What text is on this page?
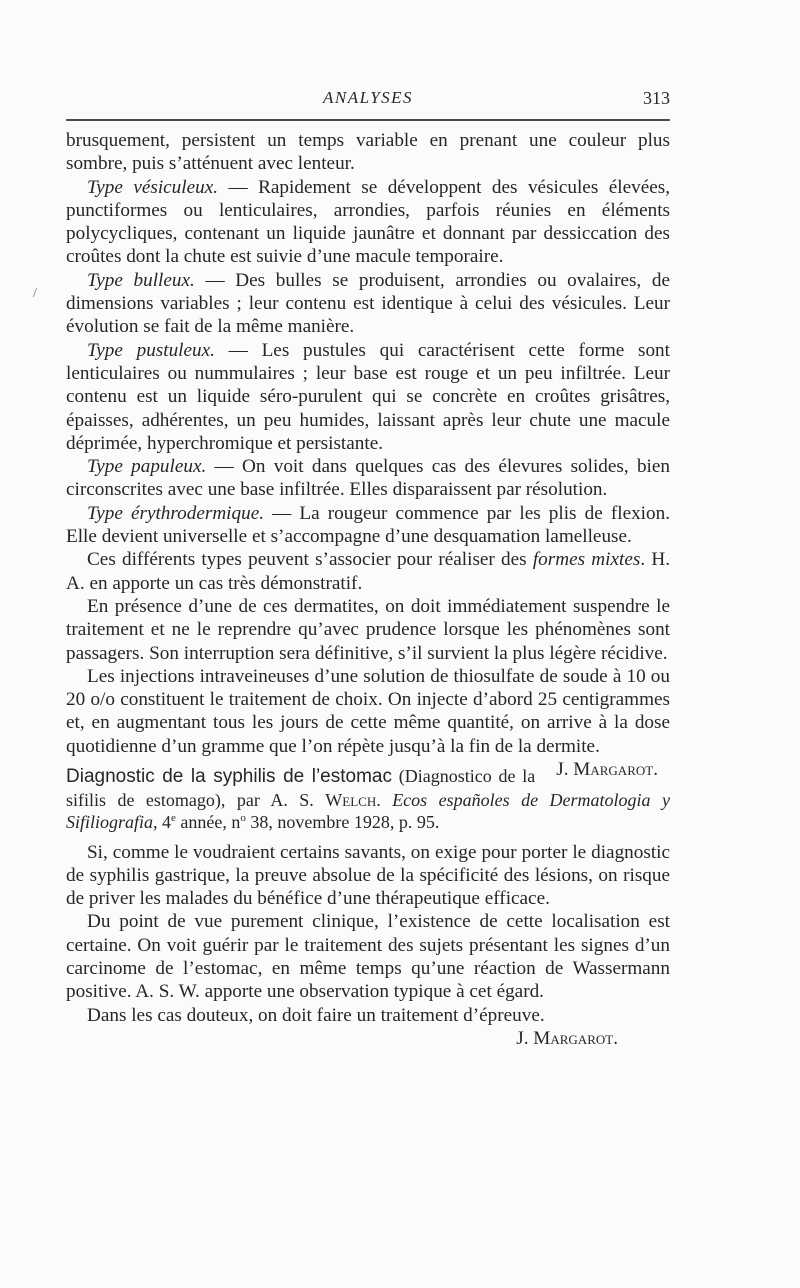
ANALYSES	313
/

brusquement, persistent un temps variable en prenant une couleur plus sombre, puis s’atténuent avec lenteur.

Type vésiculeux. — Rapidement se développent des vésicules élevées, punctiformes ou lenticulaires, arrondies, parfois réunies en éléments polycycliques, contenant un liquide jaunâtre et donnant par dessiccation des croûtes dont la chute est suivie d’une macule temporaire.

Type bulleux. — Des bulles se produisent, arrondies ou ovalaires, de dimensions variables ; leur contenu est identique à celui des vésicules. Leur évolution se fait de la même manière.

Type pustuleux. — Les pustules qui caractérisent cette forme sont lenticulaires ou nummulaires ; leur base est rouge et un peu infiltrée. Leur contenu est un liquide séro-purulent qui se concrète en croûtes grisâtres, épaisses, adhérentes, un peu humides, laissant après leur chute une macule déprimée, hyperchromique et persistante.

Type papuleux. — On voit dans quelques cas des élevures solides, bien circonscrites avec une base infiltrée. Elles disparaissent par résolution.

Type érythrodermique. — La rougeur commence par les plis de flexion. Elle devient universelle et s’accompagne d’une desquamation lamelleuse.

Ces différents types peuvent s’associer pour réaliser des formes mixtes. H. A. en apporte un cas très démonstratif.

En présence d’une de ces dermatites, on doit immédiatement suspendre le traitement et ne le reprendre qu’avec prudence lorsque les phénomènes sont passagers. Son interruption sera définitive, s’il survient la plus légère récidive.

Les injections intraveineuses d’une solution de thiosulfate de soude à 10 ou 20 o/o constituent le traitement de choix. On injecte d’abord 25 centigrammes et, en augmentant tous les jours de cette même quantité, on arrive à la dose quotidienne d’un gramme que l’on répète jusqu’à la fin de la dermite.
J. Margarot.

Diagnostic de la syphilis de l’estomac (Diagnostico de la sifilis de estomago), par A. S. Welch. Ecos españoles de Dermatologia y Sifiliografia, 4e année, $n^o$ 38, novembre 1928, p. 95.

Si, comme le voudraient certains savants, on exige pour porter le diagnostic de syphilis gastrique, la preuve absolue de la spécificité des lésions, on risque de priver les malades du bénéfice d’une thérapeutique efficace.

Du point de vue purement clinique, l’existence de cette localisation est certaine. On voit guérir par le traitement des sujets présentant les signes d’un carcinome de l’estomac, en même temps qu’une réaction de Wassermann positive. A. S. W. apporte une observation typique à cet égard.

Dans les cas douteux, on doit faire un traitement d’épreuve.

J. Margarot.
